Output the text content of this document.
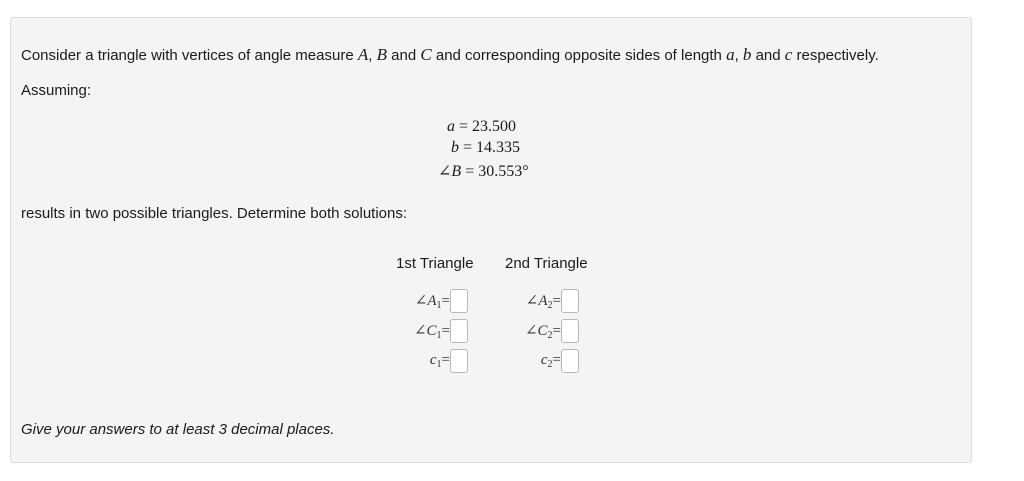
Consider a triangle with vertices of angle measure A, B and C and corresponding opposite sides of length a, b and c respectively.
Assuming:
a = 23.500
b = 14.335
∠B = 30.553°
results in two possible triangles. Determine both solutions:
1st Triangle 2nd Triangle
$\angle A_1=$
$\angle C_1=$
$c_1=$
$\angle A_2=$
$\angle C_2=$
$c_2=$
Give your answers to at least 3 decimal places.
